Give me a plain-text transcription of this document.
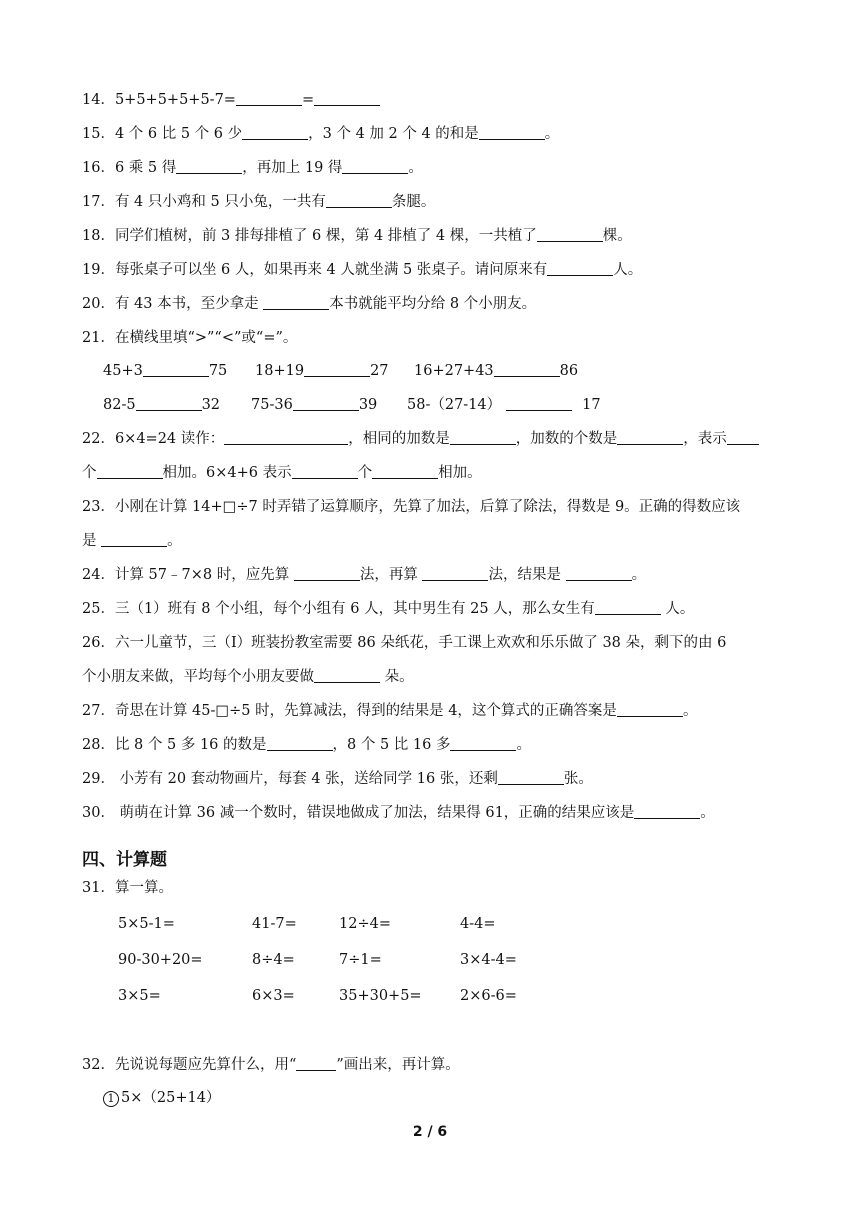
14．5+5+5+5+5-7=	=
15．4 个 6 比 5 个 6 少	，3 个 4 加 2 个 4 的和是	。
16．6 乘 5 得	，再加上 19 得	。
17．有 4 只小鸡和 5 只小兔，一共有	条腿。
18．同学们植树，前 3 排每排植了 6 棵，第 4 排植了 4 棵，一共植了	棵。
19．每张桌子可以坐 6 人，如果再来 4 人就坐满 5 张桌子。请问原来有	人。
20．有 43 本书，至少拿走	本书就能平均分给 8 个小朋友。
21．在横线里填“>”“<”或“=”。
45+3	75 18+19	27 16+27+43	86
82-5	32 75-36	39 58-（27-14）	17
22．6×4=24 读作：	，相同的加数是	，加数的个数是	，表示
个	相加。6×4+6 表示	个	相加。
23．小刚在计算 14+□÷7 时弄错了运算顺序，先算了加法，后算了除法，得数是 9。正确的得数应该
是	。
24．计算 57﹣7×8 时，应先算	法，再算	法，结果是	。
25．三（1）班有 8 个小组，每个小组有 6 人，其中男生有 25 人，那么女生有	人。
26．六一儿童节，三（I）班装扮教室需要 86 朵纸花，手工课上欢欢和乐乐做了 38 朵，剩下的由 6
个小朋友来做，平均每个小朋友要做	朵。
27．奇思在计算 45-□÷5 时，先算减法，得到的结果是 4，这个算式的正确答案是	。
28．比 8 个 5 多 16 的数是	，8 个 5 比 16 多	。
29． 小芳有 20 套动物画片，每套 4 张，送给同学 16 张，还剩	张。
30． 萌萌在计算 36 减一个数时，错误地做成了加法，结果得 61，正确的结果应该是	。
四、计算题
31．算一算。
5×5-1=	41-7=	12÷4=	4-4=
90-30+20=	8÷4=	7÷1=	3×4-4=
3×5=	6×3=	35+30+5=	2×6-6=
32．先说说每题应先算什么，用“	”画出来，再计算。
1 5×（25+14）
2 / 6
